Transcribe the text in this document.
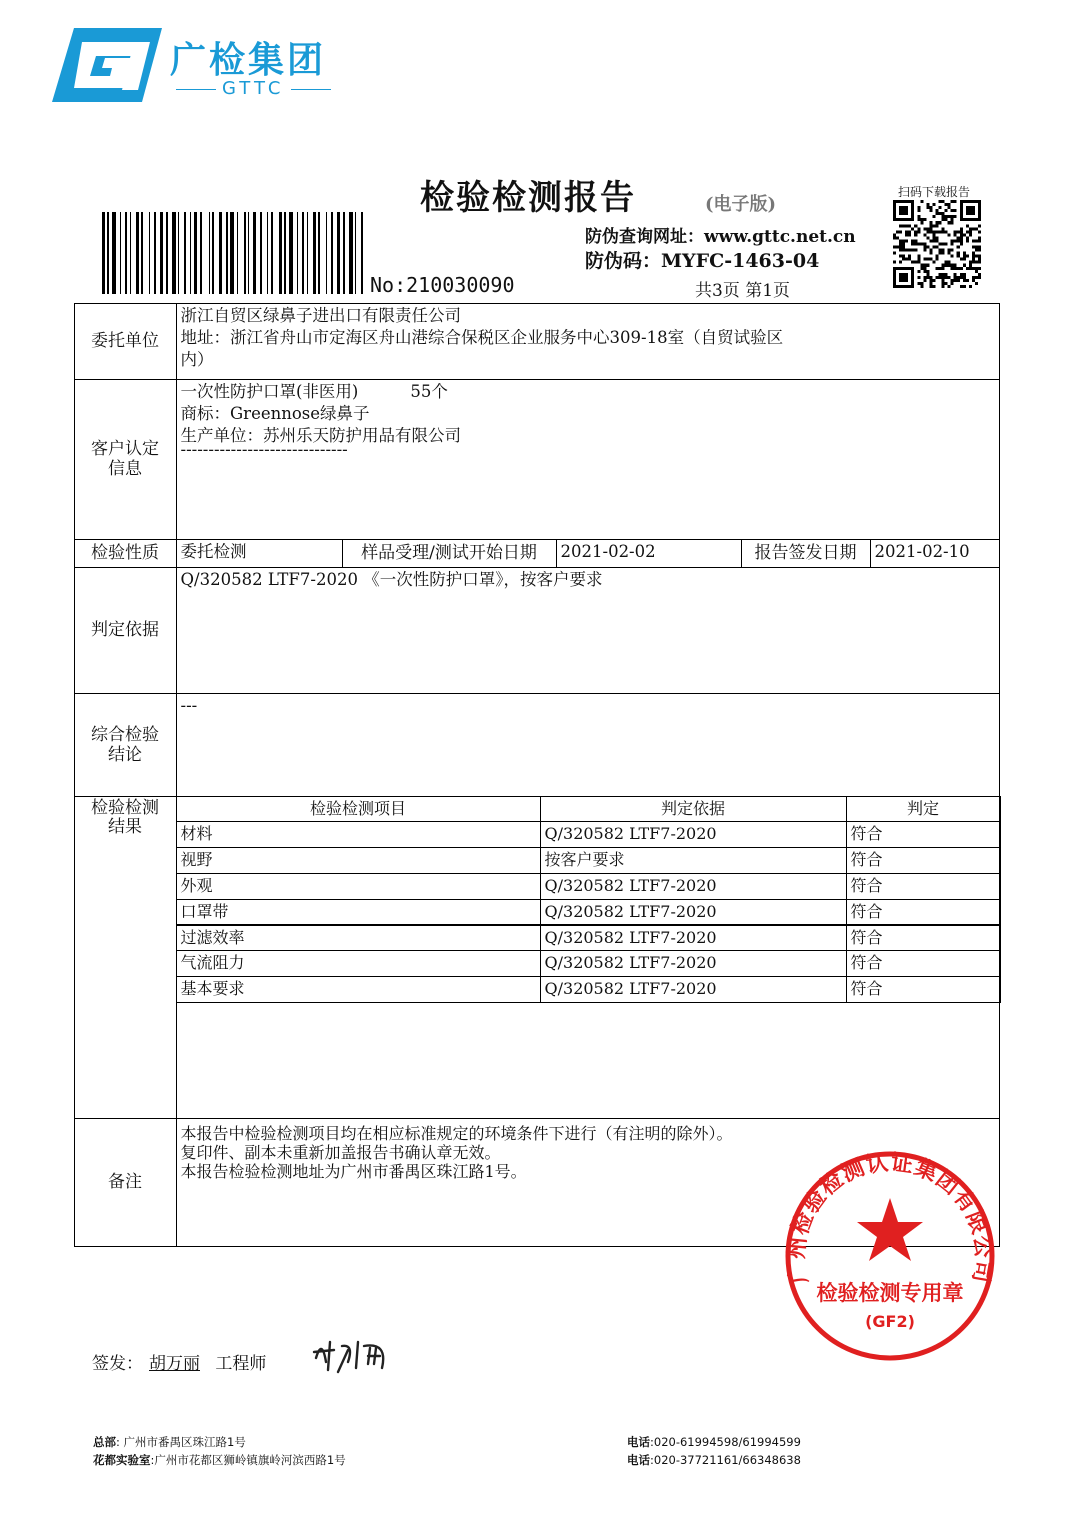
广检集团
GTTC
检验检测报告	(电子版)
扫码下载报告
No:210030090
防伪查询网址：www.gttc.net.cn
防伪码：MYFC-1463-04
共3页 第1页
委托单位
浙江自贸区绿鼻子进出口有限责任公司
地址：浙江省舟山市定海区舟山港综合保税区企业服务中心309-18室（自贸试验区
内）
客户认定
信息
一次性防护口罩(非医用)	55个
商标：Greennose绿鼻子
生产单位：苏州乐天防护用品有限公司
------------------------------
检验性质	委托检测	样品受理/测试开始日期	2021-02-02	报告签发日期	2021-02-10
判定依据
Q/320582 LTF7-2020 《一次性防护口罩》，按客户要求
综合检验
结论
---
检验检测
结果
检验检测项目	判定依据	判定
材料	Q/320582 LTF7-2020	符合
视野	按客户要求	符合
外观	Q/320582 LTF7-2020	符合
口罩带	Q/320582 LTF7-2020	符合
过滤效率	Q/320582 LTF7-2020	符合
气流阻力	Q/320582 LTF7-2020	符合
基本要求	Q/320582 LTF7-2020	符合
备注
本报告中检验检测项目均在相应标准规定的环境条件下进行（有注明的除外）。
复印件、副本未重新加盖报告书确认章无效。
本报告检验检测地址为广州市番禺区珠江路1号。
广州检验检测认证集团有限公司
检验检测专用章
(GF2)
签发： 胡万丽 工程师
总部: 广州市番禺区珠江路1号
花都实验室:广州市花都区狮岭镇旗岭河滨西路1号
电话:020-61994598/61994599
电话:020-37721161/66348638
